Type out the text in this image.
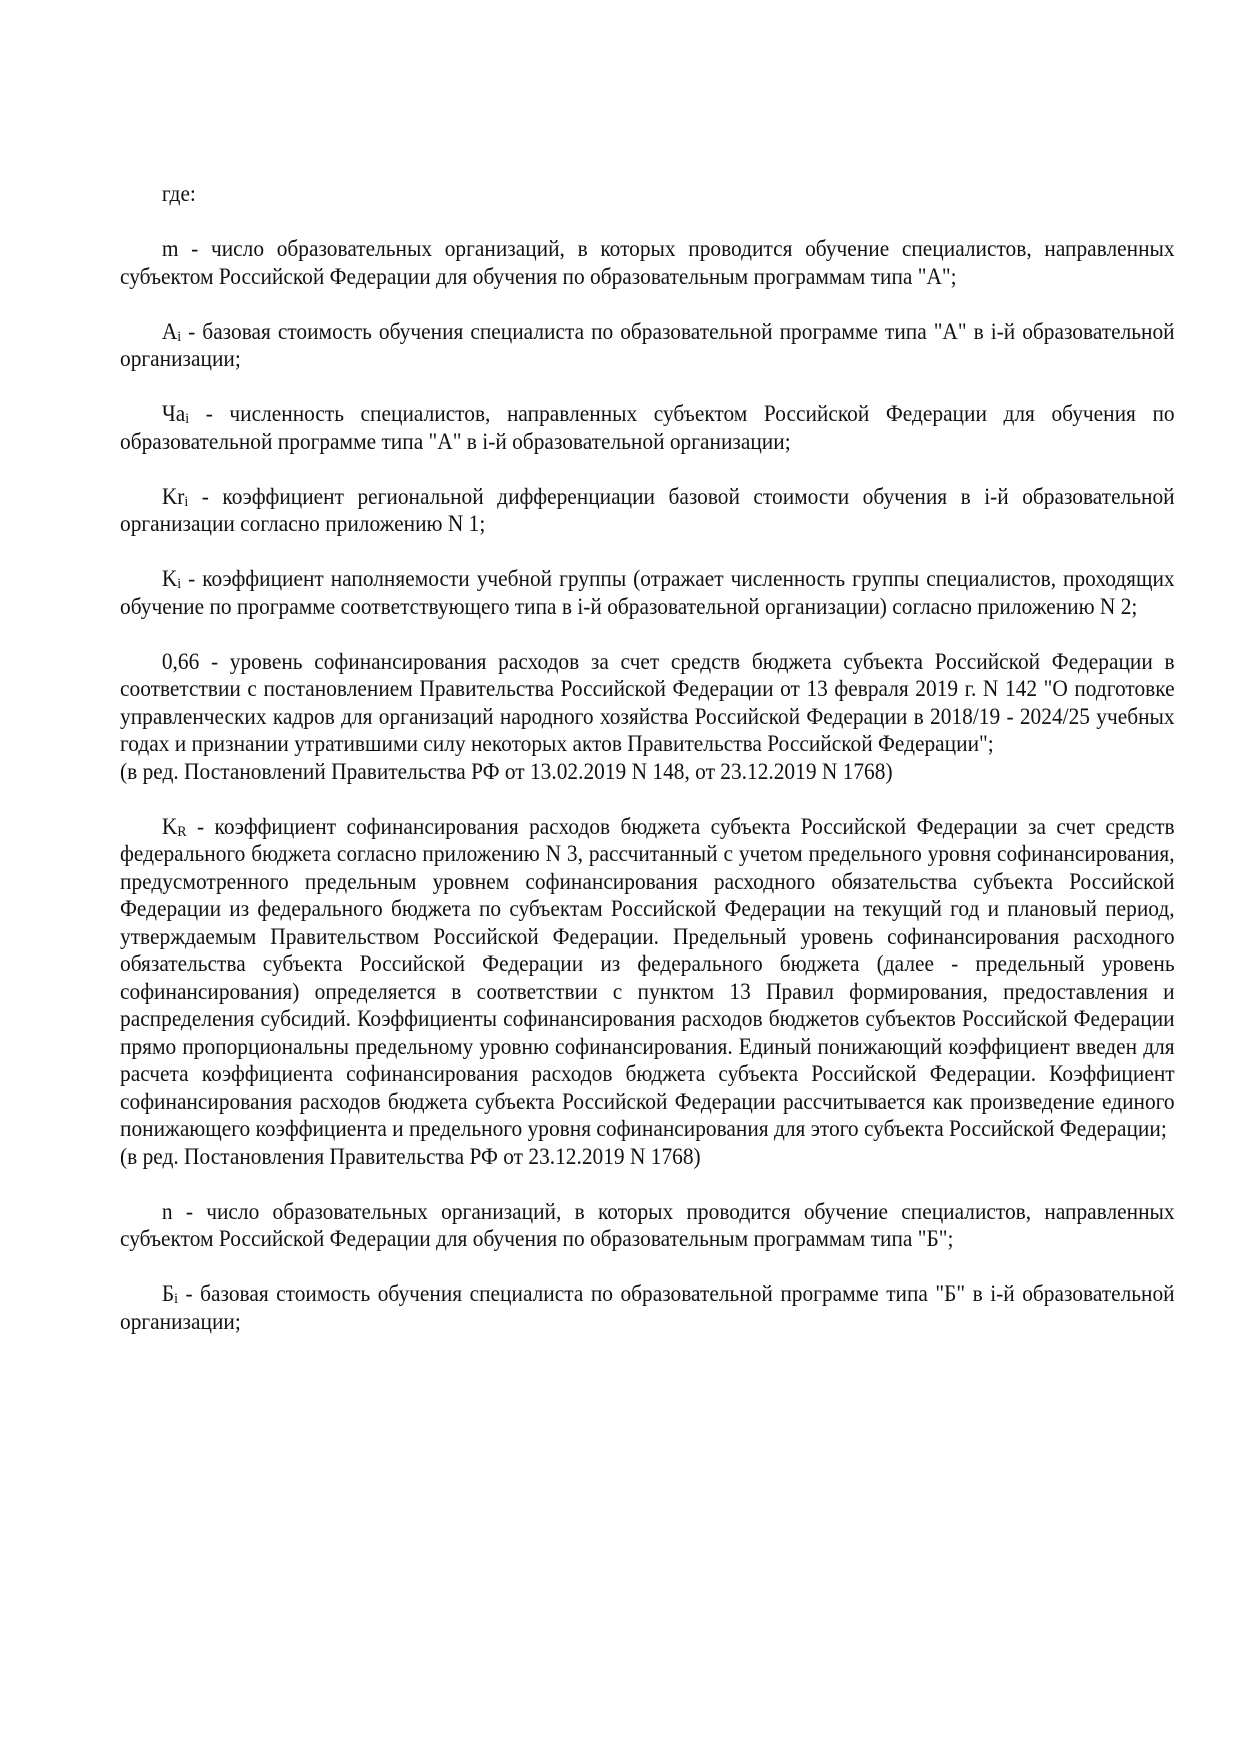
где:

m - число образовательных организаций, в которых проводится обучение специалистов, направленных субъектом Российской Федерации для обучения по образовательным программам типа "А";

$A_i$ - базовая стоимость обучения специалиста по образовательной программе типа "А" в i-й образовательной организации;

$Ча_i$ - численность специалистов, направленных субъектом Российской Федерации для обучения по образовательной программе типа "А" в i-й образовательной организации;

$Kr_i$ - коэффициент региональной дифференциации базовой стоимости обучения в i-й образовательной организации согласно приложению N 1;

$K_i$ - коэффициент наполняемости учебной группы (отражает численность группы специалистов, проходящих обучение по программе соответствующего типа в i-й образовательной организации) согласно приложению N 2;

0,66 - уровень софинансирования расходов за счет средств бюджета субъекта Российской Федерации в соответствии с постановлением Правительства Российской Федерации от 13 февраля 2019 г. N 142 "О подготовке управленческих кадров для организаций народного хозяйства Российской Федерации в 2018/19 - 2024/25 учебных годах и признании утратившими силу некоторых актов Правительства Российской Федерации";

(в ред. Постановлений Правительства РФ от 13.02.2019 N 148, от 23.12.2019 N 1768)

$K_R$ - коэффициент софинансирования расходов бюджета субъекта Российской Федерации за счет средств федерального бюджета согласно приложению N 3, рассчитанный с учетом предельного уровня софинансирования, предусмотренного предельным уровнем софинансирования расходного обязательства субъекта Российской Федерации из федерального бюджета по субъектам Российской Федерации на текущий год и плановый период, утверждаемым Правительством Российской Федерации. Предельный уровень софинансирования расходного обязательства субъекта Российской Федерации из федерального бюджета (далее - предельный уровень софинансирования) определяется в соответствии с пунктом 13 Правил формирования, предоставления и распределения субсидий. Коэффициенты софинансирования расходов бюджетов субъектов Российской Федерации прямо пропорциональны предельному уровню софинансирования. Единый понижающий коэффициент введен для расчета коэффициента софинансирования расходов бюджета субъекта Российской Федерации. Коэффициент софинансирования расходов бюджета субъекта Российской Федерации рассчитывается как произведение единого понижающего коэффициента и предельного уровня софинансирования для этого субъекта Российской Федерации;

(в ред. Постановления Правительства РФ от 23.12.2019 N 1768)

n - число образовательных организаций, в которых проводится обучение специалистов, направленных субъектом Российской Федерации для обучения по образовательным программам типа "Б";

$Б_i$ - базовая стоимость обучения специалиста по образовательной программе типа "Б" в i-й образовательной организации;
